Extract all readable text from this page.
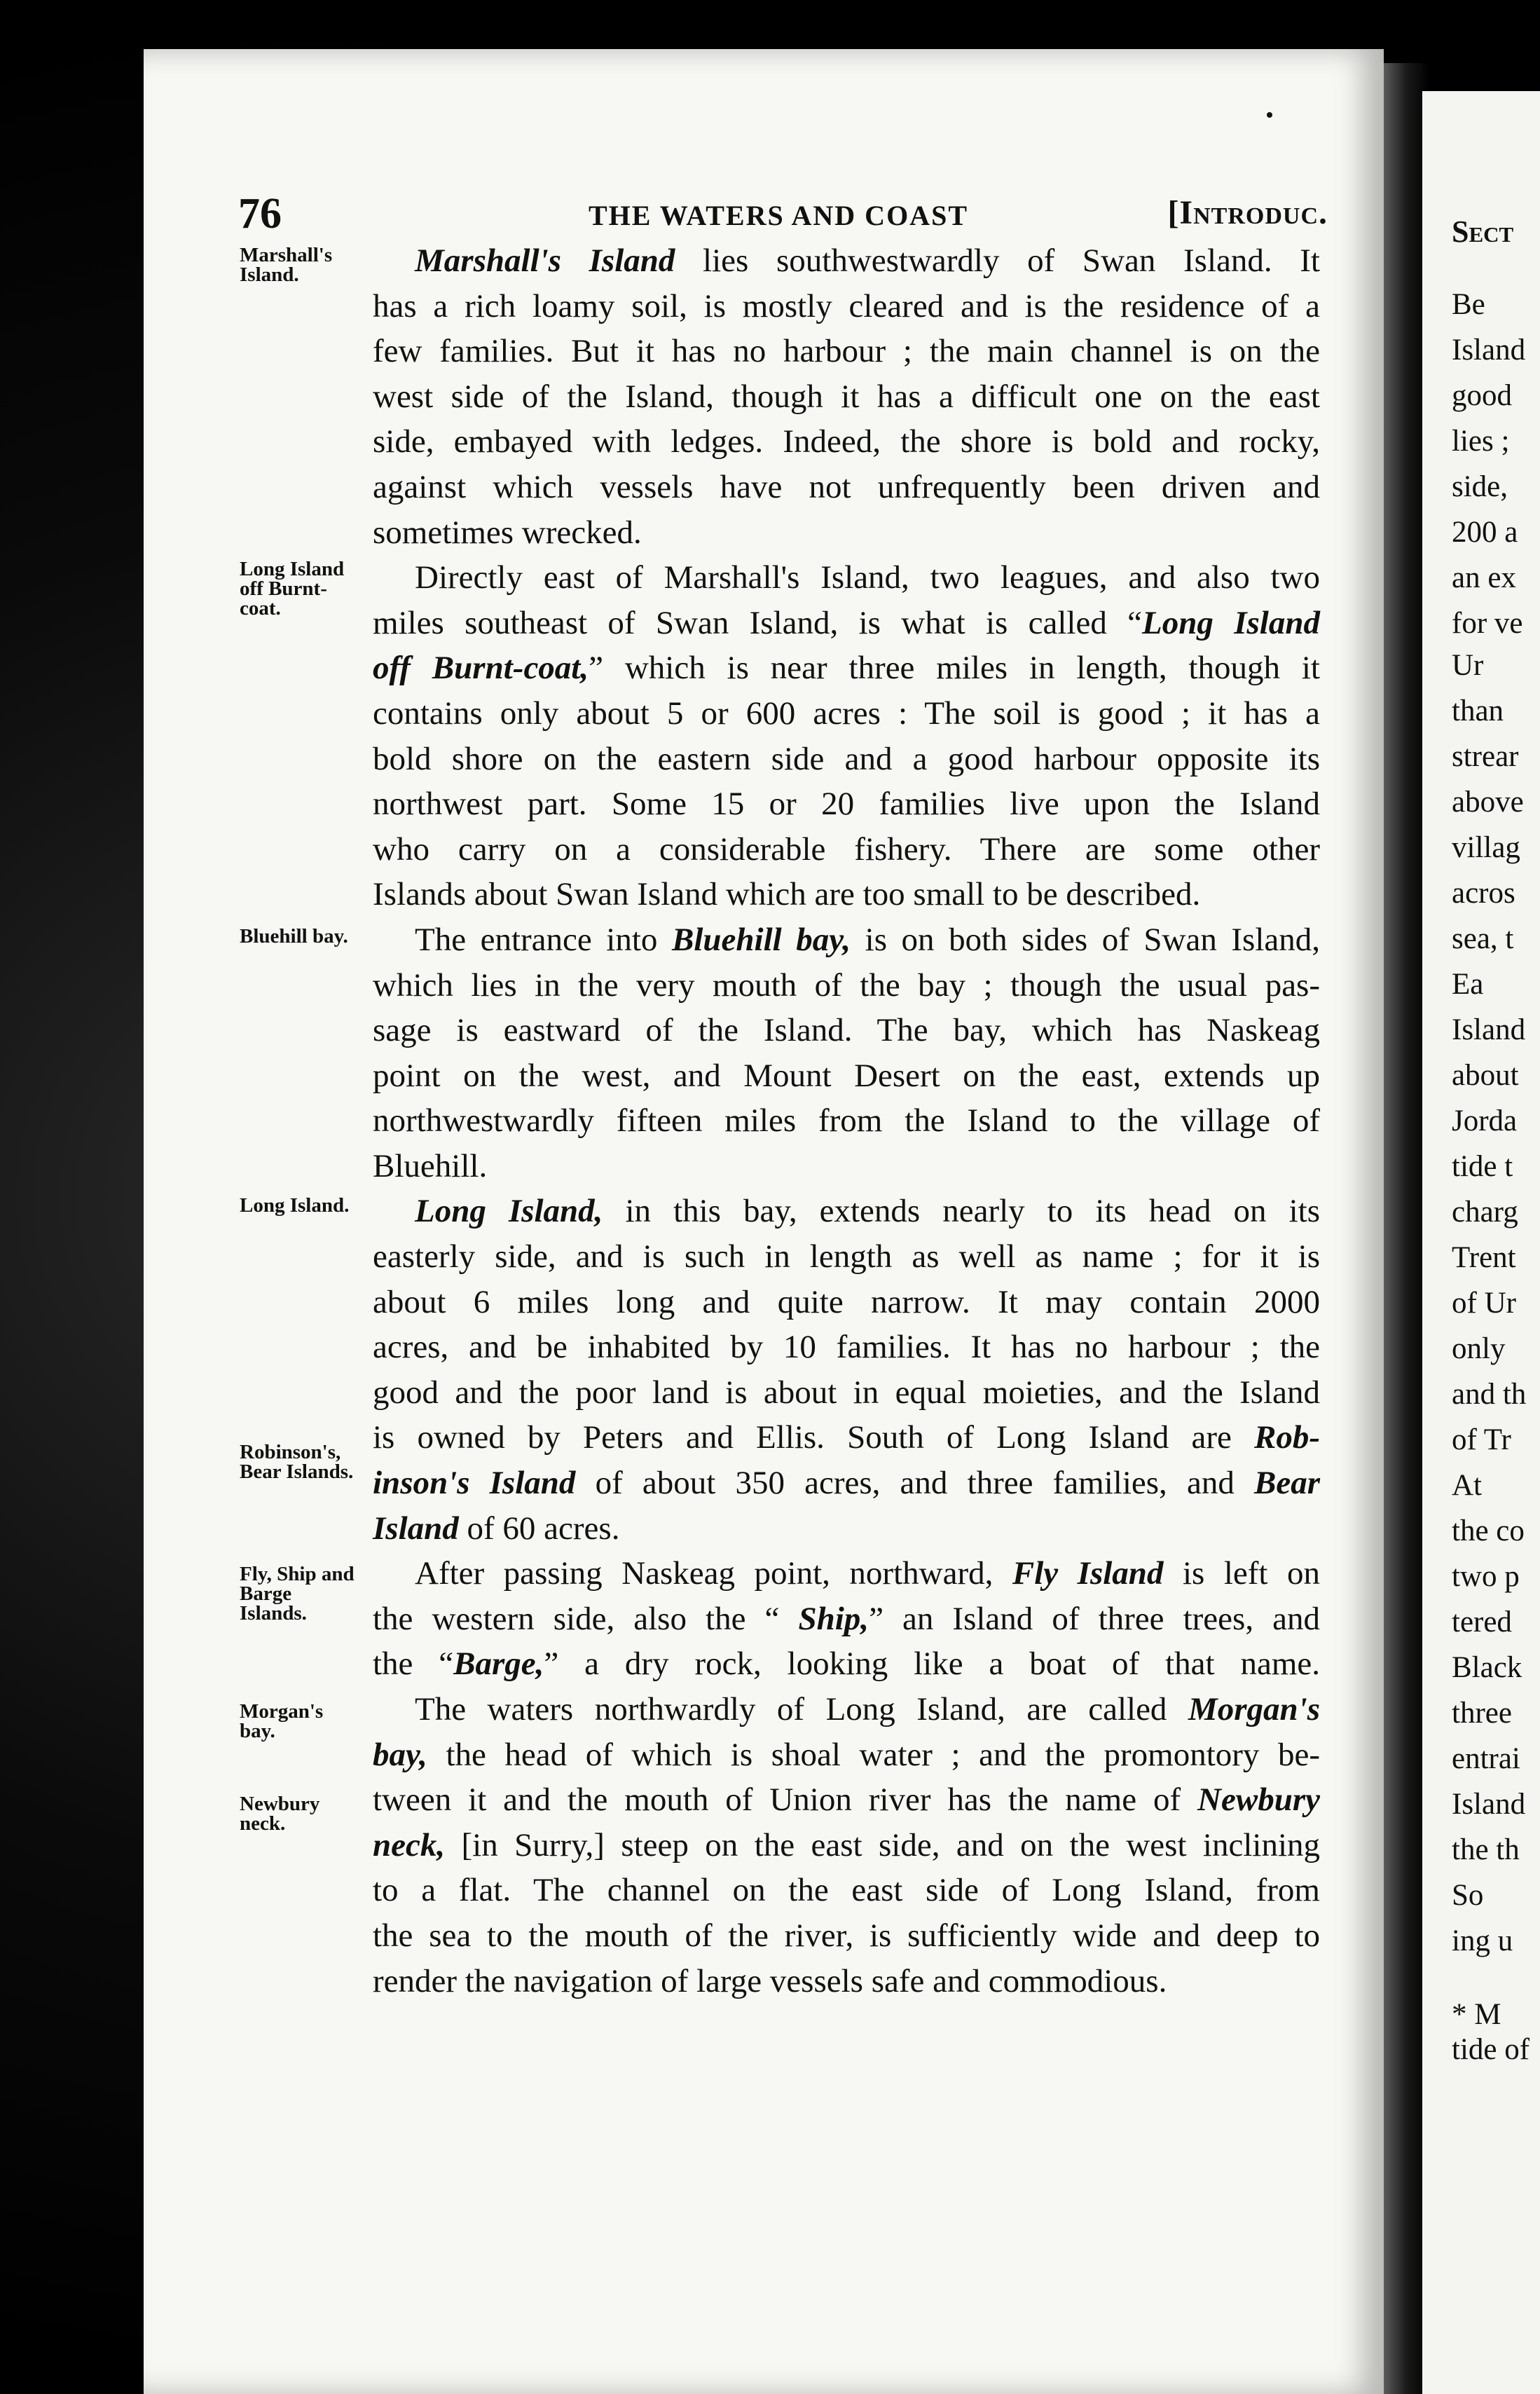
76	THE WATERS AND COAST	[Introduc.
Marshall's Island.
Long Island off Burnt-coat.
Bluehill bay.
Long Island.
Robinson's, Bear Islands.
Fly, Ship and Barge Islands.
Morgan's bay.
Newbury neck.
Marshall's Island lies southwestwardly of Swan Island. It
has a rich loamy soil, is mostly cleared and is the residence of a
few families. But it has no harbour ; the main channel is on the
west side of the Island, though it has a difficult one on the east
side, embayed with ledges. Indeed, the shore is bold and rocky,
against which vessels have not unfrequently been driven and
sometimes wrecked.
Directly east of Marshall's Island, two leagues, and also two
miles southeast of Swan Island, is what is called “Long Island
off Burnt-coat,” which is near three miles in length, though it
contains only about 5 or 600 acres : The soil is good ; it has a
bold shore on the eastern side and a good harbour opposite its
northwest part. Some 15 or 20 families live upon the Island
who carry on a considerable fishery. There are some other
Islands about Swan Island which are too small to be described.
The entrance into Bluehill bay, is on both sides of Swan Island,
which lies in the very mouth of the bay ; though the usual pas-
sage is eastward of the Island. The bay, which has Naskeag
point on the west, and Mount Desert on the east, extends up
northwestwardly fifteen miles from the Island to the village of
Bluehill.
Long Island, in this bay, extends nearly to its head on its
easterly side, and is such in length as well as name ; for it is
about 6 miles long and quite narrow. It may contain 2000
acres, and be inhabited by 10 families. It has no harbour ; the
good and the poor land is about in equal moieties, and the Island
is owned by Peters and Ellis. South of Long Island are Rob-
inson's Island of about 350 acres, and three families, and Bear
Island of 60 acres.
After passing Naskeag point, northward, Fly Island is left on
the western side, also the “ Ship,” an Island of three trees, and
the “Barge,” a dry rock, looking like a boat of that name.
The waters northwardly of Long Island, are called Morgan's
bay, the head of which is shoal water ; and the promontory be-
tween it and the mouth of Union river has the name of Newbury
neck, [in Surry,] steep on the east side, and on the west inclining
to a flat. The channel on the east side of Long Island, from
the sea to the mouth of the river, is sufficiently wide and deep to
render the navigation of large vessels safe and commodious.
Sect
Be
Island
good
lies ;
side,
200 a
an ex
for ve
Ur
than
strear
above
villag
acros
sea, t
Ea
Island
about
Jorda
tide t
charg
Trent
of Ur
only
and th
of Tr
At
the co
two p
tered
Black
three
entrai
Island
the th
So
ing u
* M
tide of
